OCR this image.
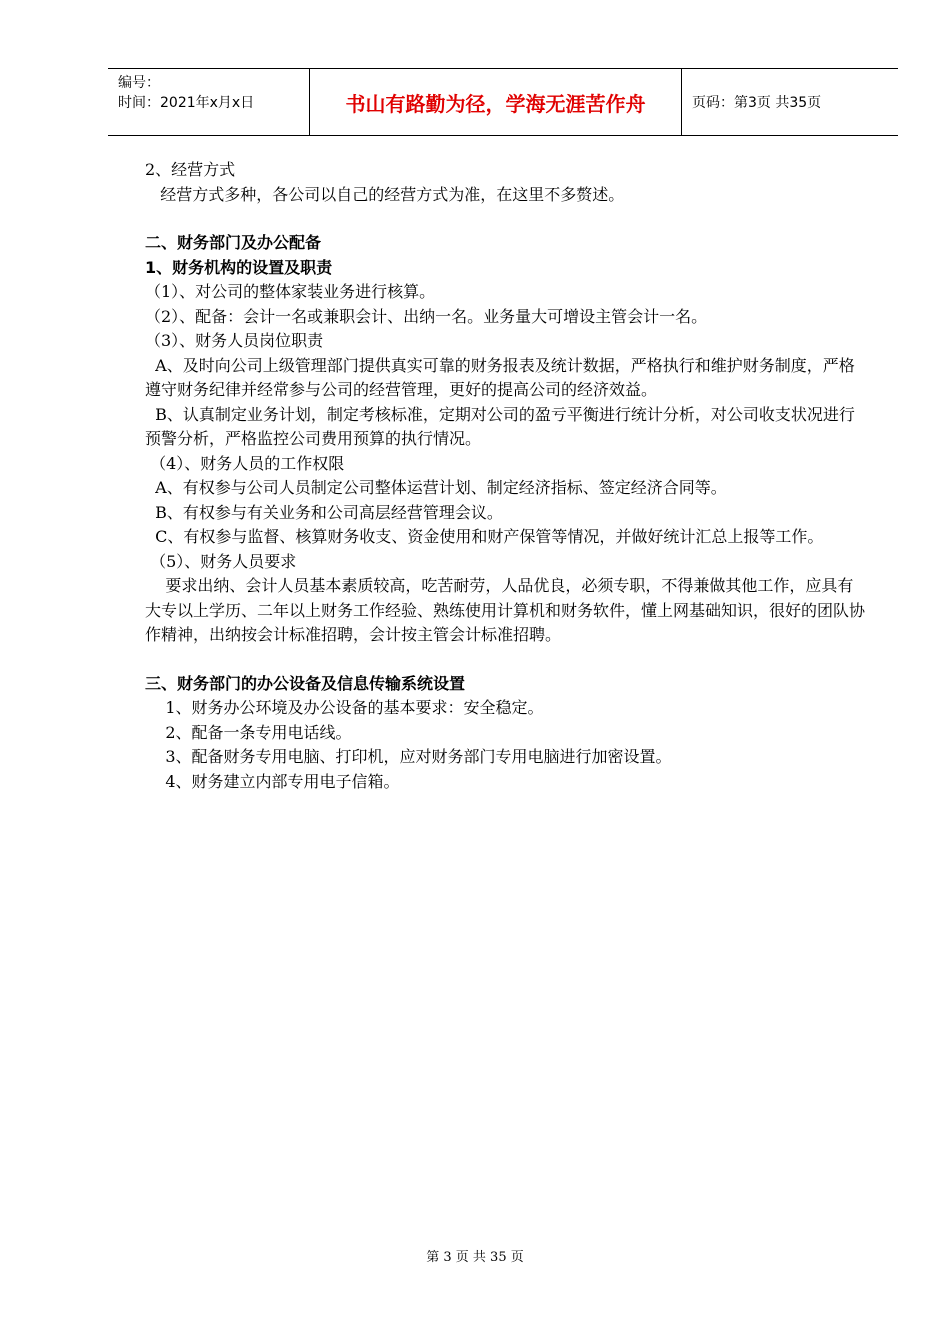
编号：
时间：2021年x月x日	书山有路勤为径，学海无涯苦作舟	页码：第3页 共35页

2、经营方式

经营方式多种，各公司以自己的经营方式为准，在这里不多赘述。

二、财务部门及办公配备

1、财务机构的设置及职责

（1）、对公司的整体家装业务进行核算。

（2）、配备：会计一名或兼职会计、出纳一名。业务量大可增设主管会计一名。

（3）、财务人员岗位职责

A、及时向公司上级管理部门提供真实可靠的财务报表及统计数据，严格执行和维护财务制度，严格遵守财务纪律并经常参与公司的经营管理，更好的提高公司的经济效益。

B、认真制定业务计划，制定考核标准，定期对公司的盈亏平衡进行统计分析，对公司收支状况进行预警分析，严格监控公司费用预算的执行情况。

（4）、财务人员的工作权限

A、有权参与公司人员制定公司整体运营计划、制定经济指标、签定经济合同等。

B、有权参与有关业务和公司高层经营管理会议。

C、有权参与监督、核算财务收支、资金使用和财产保管等情况，并做好统计汇总上报等工作。

（5）、财务人员要求

要求出纳、会计人员基本素质较高，吃苦耐劳，人品优良，必须专职，不得兼做其他工作，应具有大专以上学历、二年以上财务工作经验、熟练使用计算机和财务软件，懂上网基础知识，很好的团队协作精神，出纳按会计标准招聘，会计按主管会计标准招聘。

三、财务部门的办公设备及信息传输系统设置

1、财务办公环境及办公设备的基本要求：安全稳定。

2、配备一条专用电话线。

3、配备财务专用电脑、打印机，应对财务部门专用电脑进行加密设置。

4、财务建立内部专用电子信箱。

第 3 页 共 35 页
